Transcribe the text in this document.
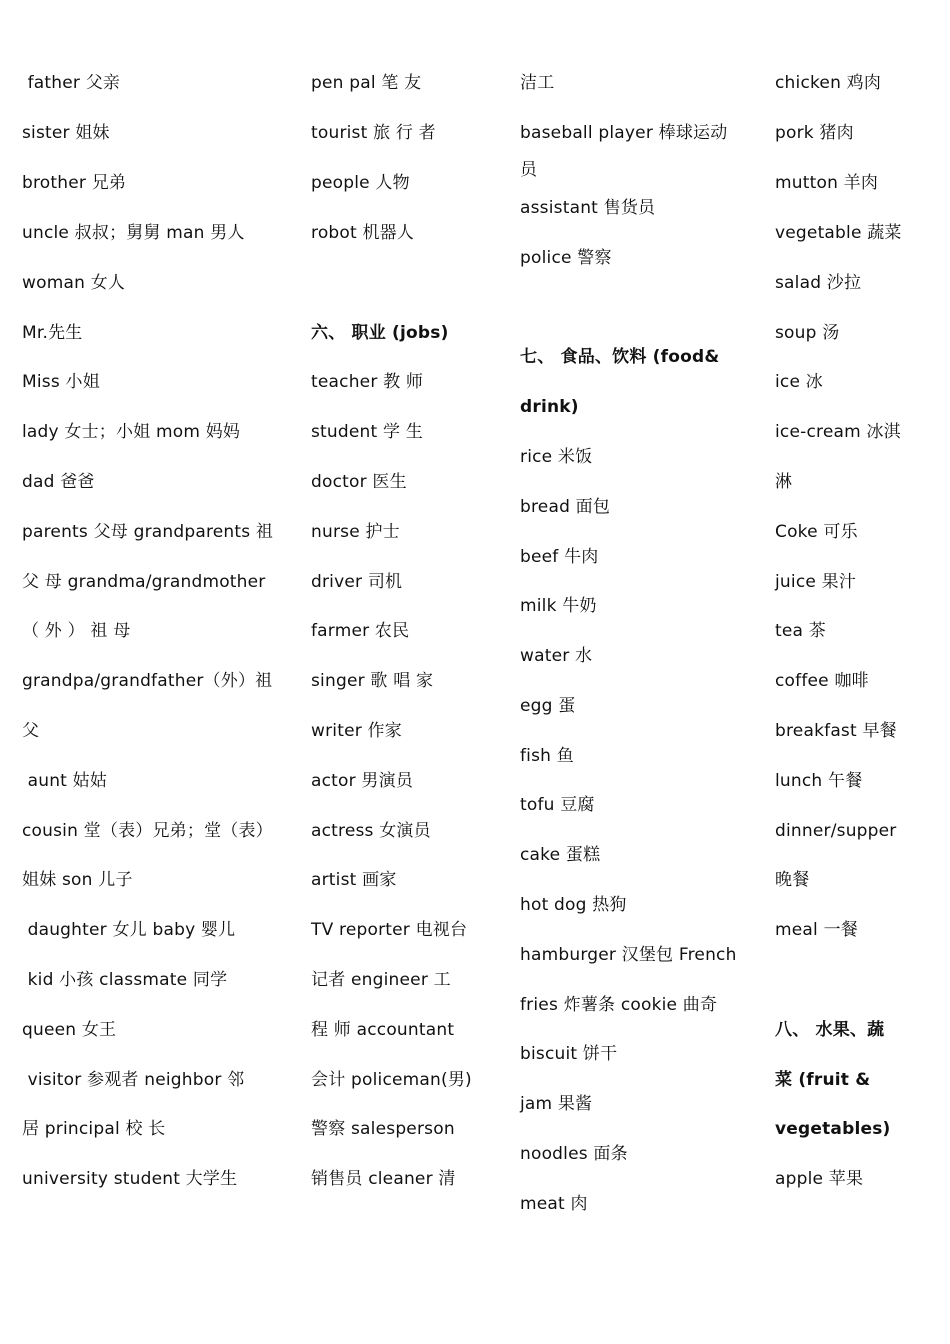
father 父亲
sister 姐妹
brother 兄弟
uncle 叔叔；舅舅 man 男人
woman 女人
Mr.先生
Miss 小姐
lady 女士；小姐 mom 妈妈
dad 爸爸
parents 父母 grandparents 祖
父 母 grandma/grandmother
（ 外 ） 祖 母
grandpa/grandfather（外）祖
父
aunt 姑姑
cousin 堂（表）兄弟；堂（表）
姐妹 son 儿子
daughter 女儿 baby 婴儿
kid 小孩 classmate 同学
queen 女王
visitor 参观者 neighbor 邻
居 principal 校 长
university student 大学生
pen pal 笔 友
tourist 旅 行 者
people 人物
robot 机器人
六、 职业 (jobs)
teacher 教 师
student 学 生
doctor 医生
nurse 护士
driver 司机
farmer 农民
singer 歌 唱 家
writer 作家
actor 男演员
actress 女演员
artist 画家
TV reporter 电视台
记者 engineer 工
程 师 accountant
会计 policeman(男)
警察 salesperson
销售员 cleaner 清
洁工
baseball player 棒球运动
员
assistant 售货员
police 警察
七、 食品、饮料 (food&
drink)
rice 米饭
bread 面包
beef 牛肉
milk 牛奶
water 水
egg 蛋
fish 鱼
tofu 豆腐
cake 蛋糕
hot dog 热狗
hamburger 汉堡包 French
fries 炸薯条 cookie 曲奇
biscuit 饼干
jam 果酱
noodles 面条
meat 肉
chicken 鸡肉
pork 猪肉
mutton 羊肉
vegetable 蔬菜
salad 沙拉
soup 汤
ice 冰
ice-cream 冰淇
淋
Coke 可乐
juice 果汁
tea 茶
coffee 咖啡
breakfast 早餐
lunch 午餐
dinner/supper
晚餐
meal 一餐
八、 水果、蔬
菜 (fruit &
vegetables)
apple 苹果
